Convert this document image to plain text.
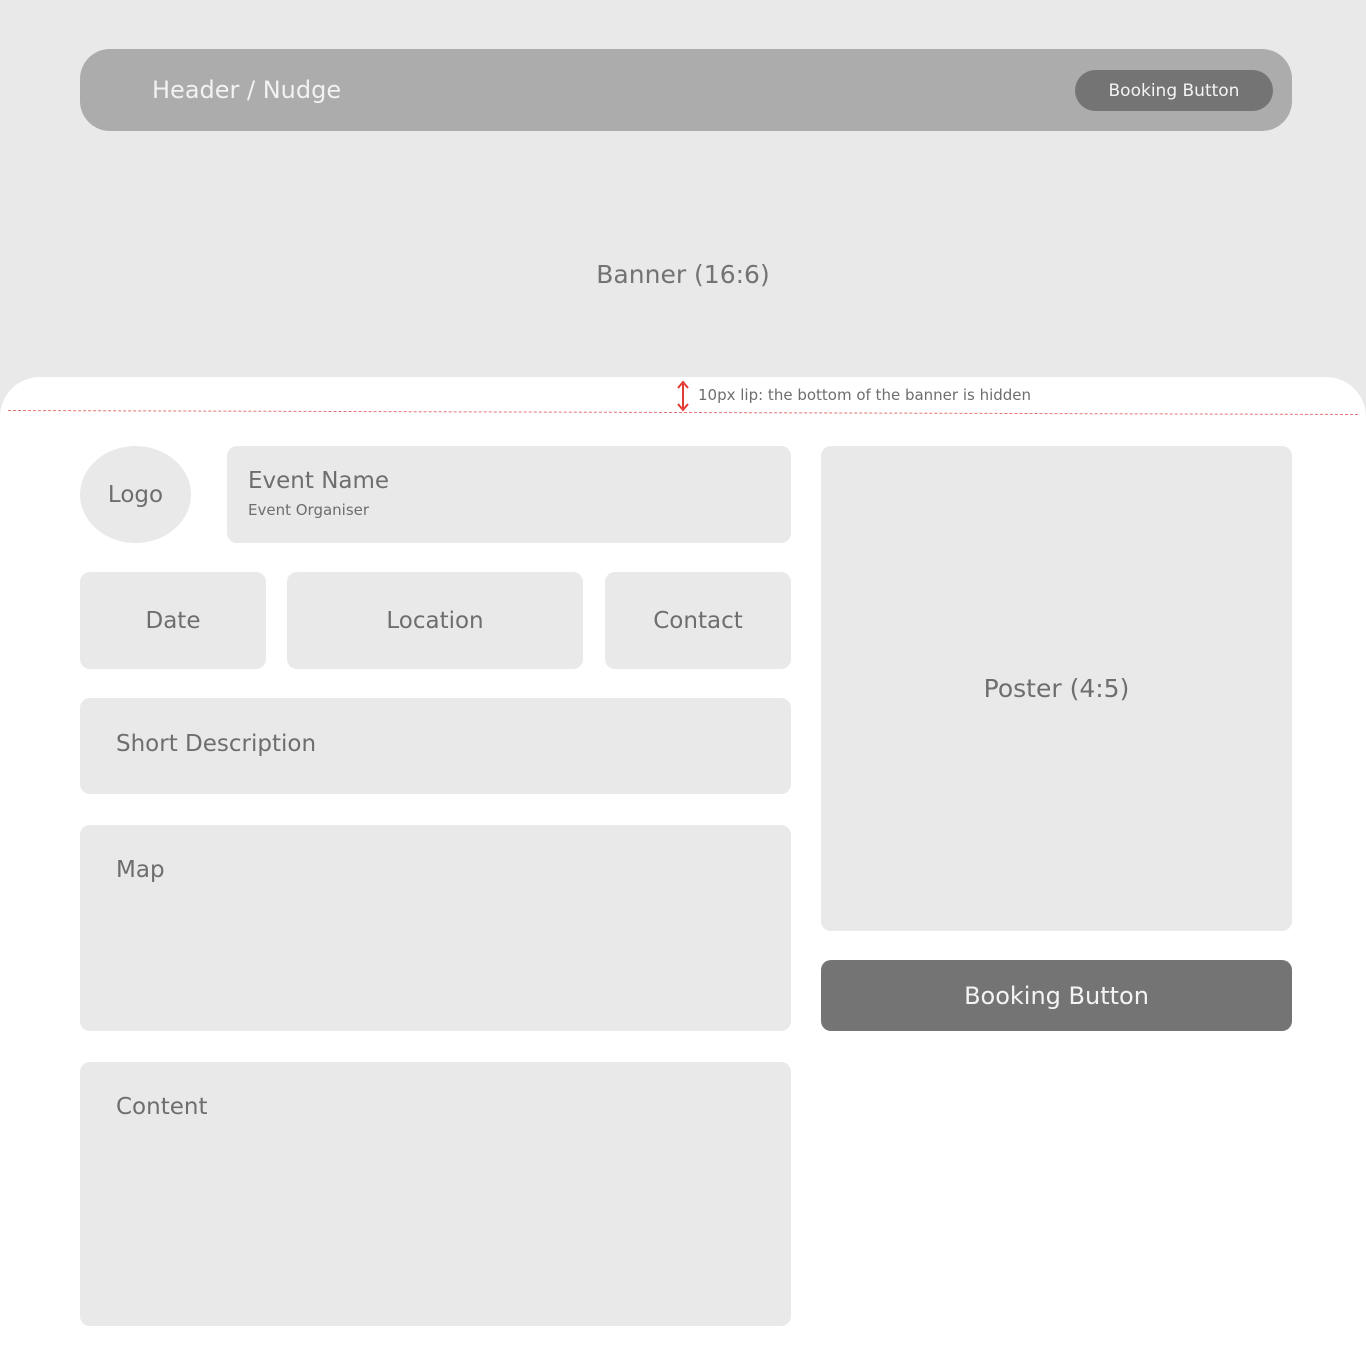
Banner (16:6)
Header / Nudge	Booking Button
10px lip: the bottom of the banner is hidden
Logo
Event Name
Event Organiser
Date	Location	Contact
Short Description
Map
Content
Poster (4:5)
Booking Button
